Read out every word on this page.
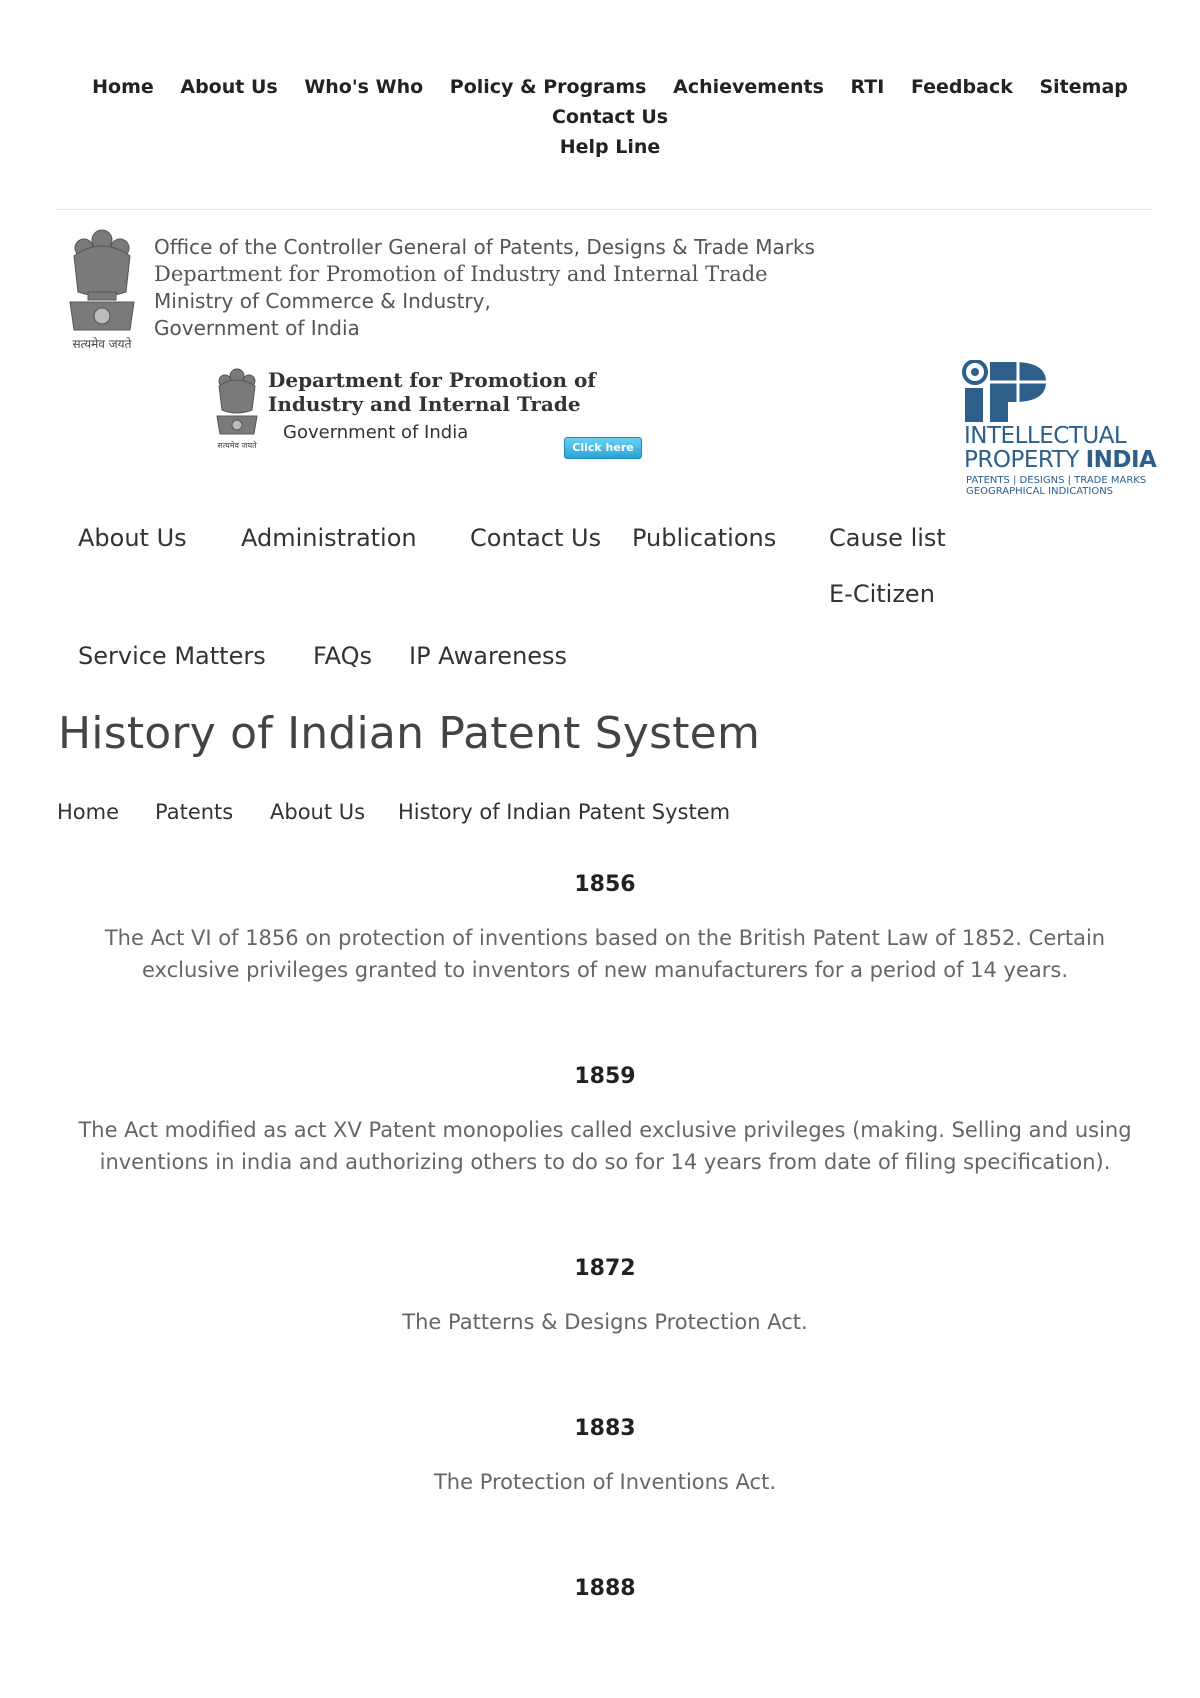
Home About Us Who's Who Policy & Programs Achievements RTI Feedback Sitemap Contact Us
Help Line
सत्यमेव जयते
Office of the Controller General of Patents, Designs & Trade Marks
Department for Promotion of Industry and Internal Trade
Ministry of Commerce & Industry,
Government of India
सत्यमेव जयते
Department for Promotion of
Industry and Internal Trade
Government of India
Click here	INTELLECTUAL
PROPERTY INDIA
PATENTS | DESIGNS | TRADE MARKS
GEOGRAPHICAL INDICATIONS
About Us Administration Contact Us Publications Cause list
E-Citizen
Service Matters FAQs IP Awareness
History of Indian Patent System
Home Patents About Us History of Indian Patent System
1856
The Act VI of 1856 on protection of inventions based on the British Patent Law of 1852. Certain exclusive privileges granted to inventors of new manufacturers for a period of 14 years.
1859
The Act modified as act XV Patent monopolies called exclusive privileges (making. Selling and using inventions in india and authorizing others to do so for 14 years from date of filing specification).
1872
The Patterns & Designs Protection Act.
1883
The Protection of Inventions Act.
1888
